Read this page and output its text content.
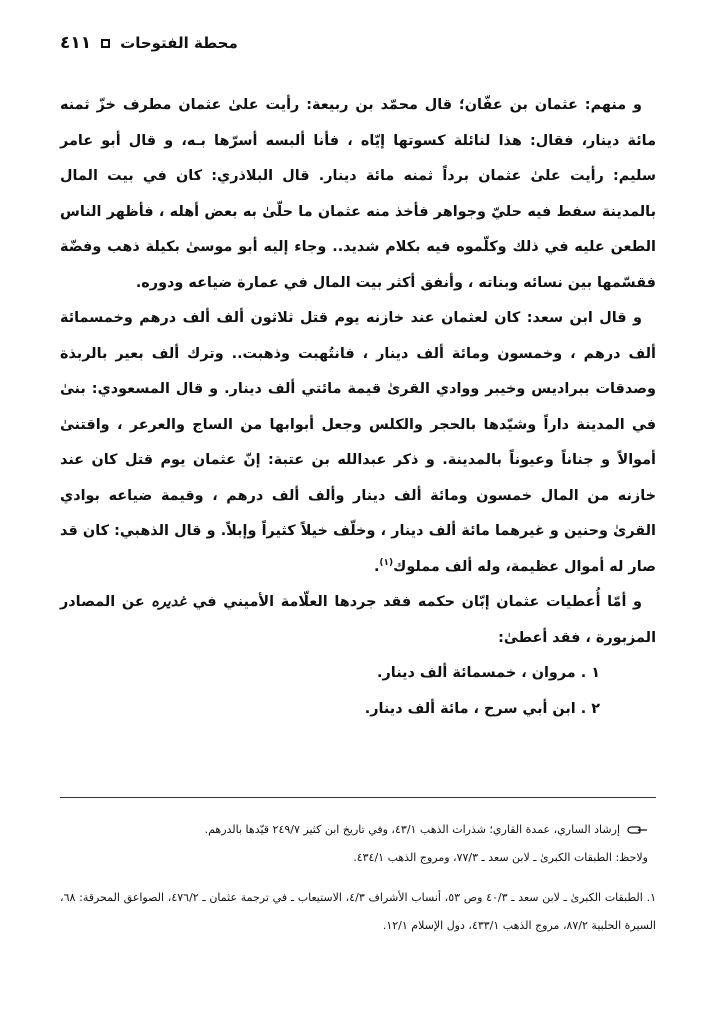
محطة الفتوحات
٤١١

و منهم: عثمان بن عفّان؛ قال محمّد بن ربيعة: رأيت علىٰ عثمان مطرف خزّ ثمنه مائة دينار، فقال: هذا لنائلة كسوتها إيّاه ، فأنا ألبسه أسرّها بـه، و قال أبو عامر سليم: رأيت علىٰ عثمان برداً ثمنه مائة دينار. قال البلاذري: كان في بيت المال بالمدينة سفط فيه حليّ وجواهر فأخذ منه عثمان ما حلّىٰ به بعض أهله ، فأظهر الناس الطعن عليه في ذلك وكلّموه فيه بكلام شديد.. وجاء إليه أبو موسىٰ بكيلة ذهب وفضّة فقسّمها بين نسائه وبناته ، وأنفق أكثر بيت المال في عمارة ضياعه ودوره.

و قال ابن سعد: كان لعثمان عند خازنه يوم قتل ثلاثون ألف ألف درهم وخمسمائة ألف درهم ، وخمسون ومائة ألف دينار ، فانتُهبت وذهبت.. وترك ألف بعير بالربذة وصدقات ببراديس وخيبر ووادي القرىٰ قيمة مائتي ألف دينار. و قال المسعودي: بنىٰ في المدينة داراً وشيّدها بالحجر والكلس وجعل أبوابها من الساج والعرعر ، واقتنىٰ أموالاً و جناناً وعيوناً بالمدينة. و ذكر عبدالله بن عتبة: إنّ عثمان يوم قتل كان عند خازنه من المال خمسون ومائة ألف دينار وألف ألف درهم ، وقيمة ضياعه بوادي القرىٰ وحنين و غيرهما مائة ألف دينار ، وخلّف خيلاً كثيراً وإبلاً. و قال الذهبي: كان قد صار له أموال عظيمة، وله ألف مملوك$^{(١)}$.

و أمّا أُعطيات عثمان إبّان حكمه فقد جردها العلّامة الأميني في غديره عن المصادر المزبورة ، فقد أعطىٰ:

١ . مروان ، خمسمائة ألف دينار.

٢ . ابن أبي سرح ، مائة ألف دينار.

إرشاد الساري، عمدة القاري؛ شذرات الذهب ٤٣/١، وفي تاريخ ابن كثير ٢٤٩/٧ قيّدها بالدرهم.

ولاحظ: الطبقات الكبرىٰ ـ لابن سعد ـ ٧٧/٣، ومروج الذهب ٤٣٤/١.

١. الطبقات الكبرىٰ ـ لابن سعد ـ ٤٠/٣ وص ٥٣، أنساب الأشراف ٤/٣، الاستيعاب ـ في ترجمة عثمان ـ ٤٧٦/٢، الصواعق المحرقة: ٦٨، السيرة الحلبية ٨٧/٢، مروج الذهب ٤٣٣/١، دول الإسلام ١٢/١.
